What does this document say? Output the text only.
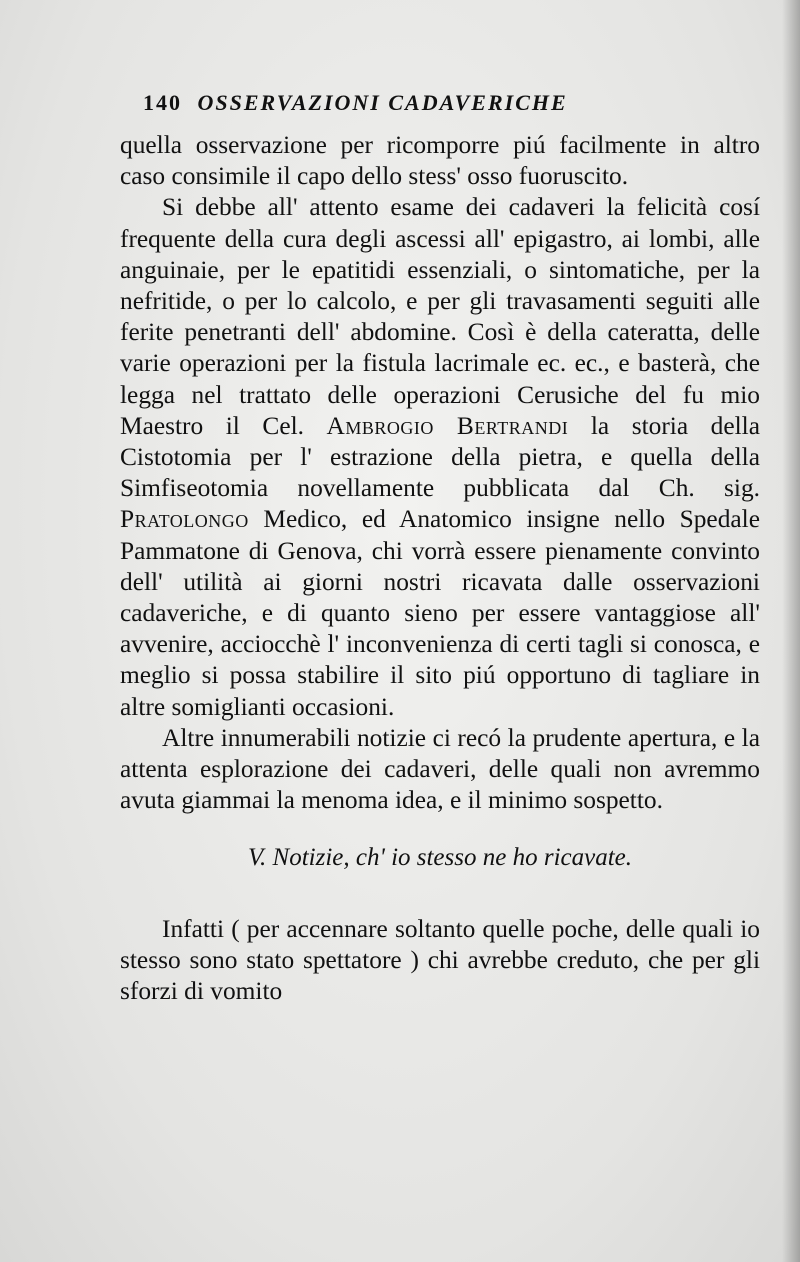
140 OSSERVAZIONI CADAVERICHE

quella osservazione per ricomporre piú facilmente in altro caso consimile il capo dello stess' osso fuoruscito.

Si debbe all' attento esame dei cadaveri la felicità cosí frequente della cura degli ascessi all' epigastro, ai lombi, alle anguinaie, per le epatitidi essenziali, o sintomatiche, per la nefritide, o per lo calcolo, e per gli travasamenti seguiti alle ferite penetranti dell' abdomine. Così è della cateratta, delle varie operazioni per la fistula lacrimale ec. ec., e basterà, che legga nel trattato delle operazioni Cerusiche del fu mio Maestro il Cel. Ambrogio Bertrandi la storia della Cistotomia per l' estrazione della pietra, e quella della Simfiseotomia novellamente pubblicata dal Ch. sig. Pratolongo Medico, ed Anatomico insigne nello Spedale Pammatone di Genova, chi vorrà essere pienamente convinto dell' utilità ai giorni nostri ricavata dalle osservazioni cadaveriche, e di quanto sieno per essere vantaggiose all' avvenire, acciocchè l' inconvenienza di certi tagli si conosca, e meglio si possa stabilire il sito piú opportuno di tagliare in altre somiglianti occasioni.

Altre innumerabili notizie ci recó la prudente apertura, e la attenta esplorazione dei cadaveri, delle quali non avremmo avuta giammai la menoma idea, e il minimo sospetto.

V. Notizie, ch' io stesso ne ho ricavate.

Infatti ( per accennare soltanto quelle poche, delle quali io stesso sono stato spettatore ) chi avrebbe creduto, che per gli sforzi di vomito
